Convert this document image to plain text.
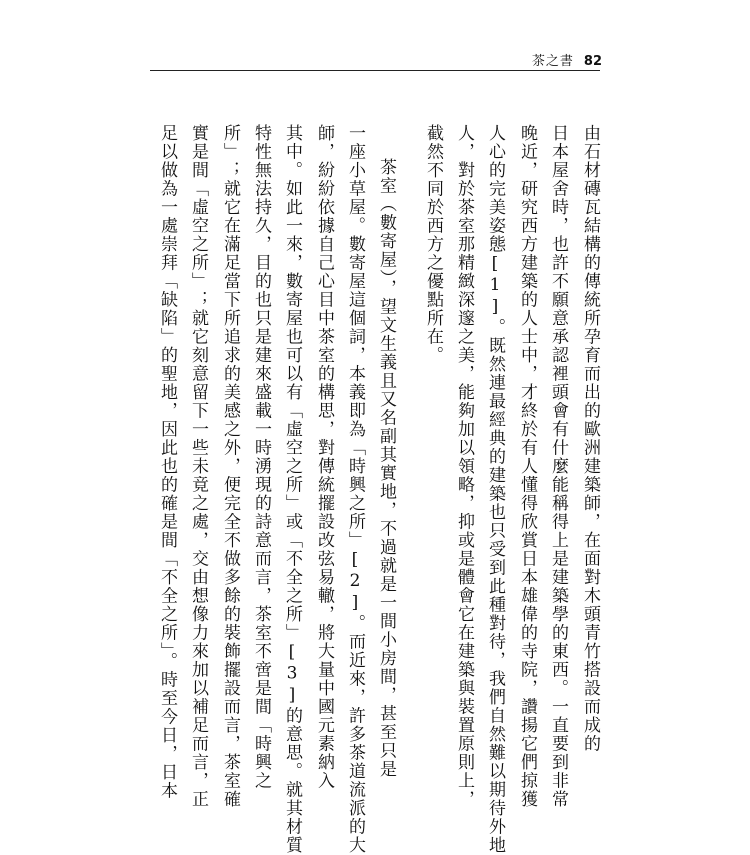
茶之書 82
由石材磚瓦結構的傳統所孕育而出的歐洲建築師，在面對木頭青竹搭設而成的
日本屋舍時，也許不願意承認裡頭會有什麼能稱得上是建築學的東西。一直要到非常
晚近，研究西方建築的人士中，才終於有人懂得欣賞日本雄偉的寺院，讚揚它們掠獲
人心的完美姿態[1]。既然連最經典的建築也只受到此種對待，我們自然難以期待外地
人，對於茶室那精緻深邃之美，能夠加以領略，抑或是體會它在建築與裝置原則上，
截然不同於西方之優點所在。
茶室（數寄屋），望文生義且又名副其實地，不過就是一間小房間，甚至只是
一座小草屋。數寄屋這個詞，本義即為「時興之所」[2]。而近來，許多茶道流派的大
師，紛紛依據自己心目中茶室的構思，對傳統擺設改弦易轍，將大量中國元素納入
其中。如此一來，數寄屋也可以有「虛空之所」或「不全之所」[3]的意思。就其材質
特性無法持久，目的也只是建來盛載一時湧現的詩意而言，茶室不啻是間「時興之
所」；就它在滿足當下所追求的美感之外，便完全不做多餘的裝飾擺設而言，茶室確
實是間「虛空之所」；就它刻意留下一些未竟之處，交由想像力來加以補足而言，正
足以做為一處崇拜「缺陷」的聖地，因此也的確是間「不全之所」。時至今日，日本
